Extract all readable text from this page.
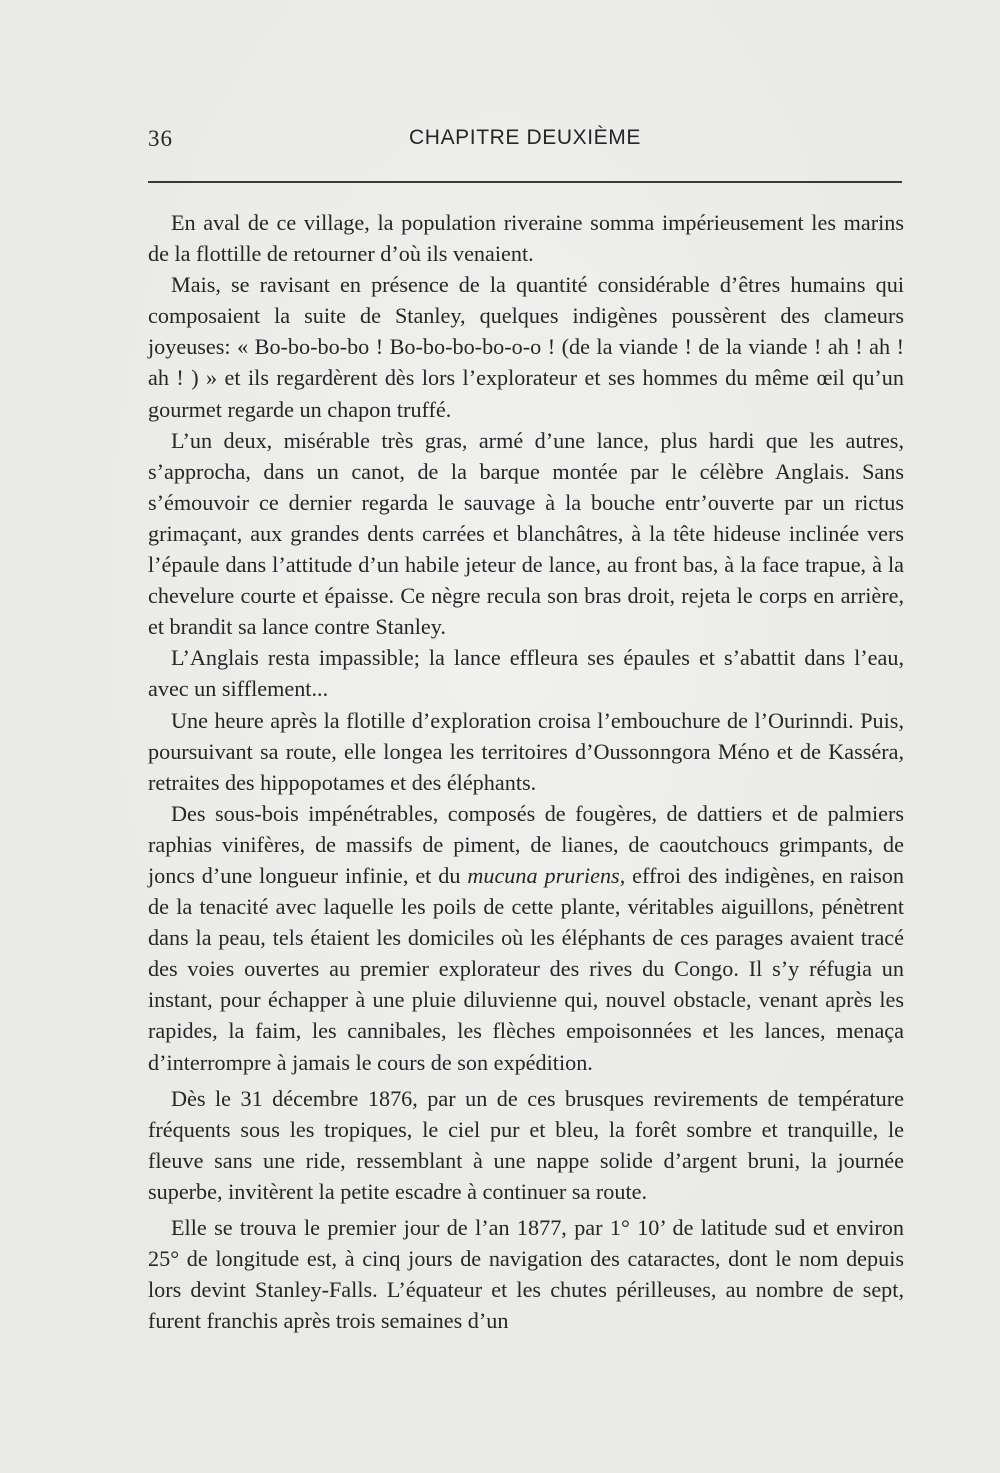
36	CHAPITRE DEUXIÈME

En aval de ce village, la population riveraine somma impérieusement les marins de la flottille de retourner d’où ils venaient.

Mais, se ravisant en présence de la quantité considérable d’êtres humains qui composaient la suite de Stanley, quelques indigènes poussèrent des clameurs joyeuses: « Bo-bo-bo-bo ! Bo-bo-bo-bo-o-o ! (de la viande ! de la viande ! ah ! ah ! ah ! ) » et ils regardèrent dès lors l’explorateur et ses hommes du même œil qu’un gourmet regarde un chapon truffé.

L’un deux, misérable très gras, armé d’une lance, plus hardi que les autres, s’approcha, dans un canot, de la barque montée par le célèbre Anglais. Sans s’émouvoir ce dernier regarda le sauvage à la bouche entr’ouverte par un rictus grimaçant, aux grandes dents carrées et blanchâtres, à la tête hideuse inclinée vers l’épaule dans l’attitude d’un habile jeteur de lance, au front bas, à la face trapue, à la chevelure courte et épaisse. Ce nègre recula son bras droit, rejeta le corps en arrière, et brandit sa lance contre Stanley.

L’Anglais resta impassible; la lance effleura ses épaules et s’abattit dans l’eau, avec un sifflement...

Une heure après la flotille d’exploration croisa l’embouchure de l’Ourinndi. Puis, poursuivant sa route, elle longea les territoires d’Oussonngora Méno et de Kasséra, retraites des hippopotames et des éléphants.

Des sous-bois impénétrables, composés de fougères, de dattiers et de palmiers raphias vinifères, de massifs de piment, de lianes, de caoutchoucs grimpants, de joncs d’une longueur infinie, et du mucuna pruriens, effroi des indigènes, en raison de la tenacité avec laquelle les poils de cette plante, véritables aiguillons, pénètrent dans la peau, tels étaient les domiciles où les éléphants de ces parages avaient tracé des voies ouvertes au premier explorateur des rives du Congo. Il s’y réfugia un instant, pour échapper à une pluie diluvienne qui, nouvel obstacle, venant après les rapides, la faim, les cannibales, les flèches empoisonnées et les lances, menaça d’interrompre à jamais le cours de son expédition.

Dès le 31 décembre 1876, par un de ces brusques revirements de température fréquents sous les tropiques, le ciel pur et bleu, la forêt sombre et tranquille, le fleuve sans une ride, ressemblant à une nappe solide d’argent bruni, la journée superbe, invitèrent la petite escadre à continuer sa route.

Elle se trouva le premier jour de l’an 1877, par 1° 10’ de latitude sud et environ 25° de longitude est, à cinq jours de navigation des cataractes, dont le nom depuis lors devint Stanley-Falls. L’équateur et les chutes périlleuses, au nombre de sept, furent franchis après trois semaines d’un
